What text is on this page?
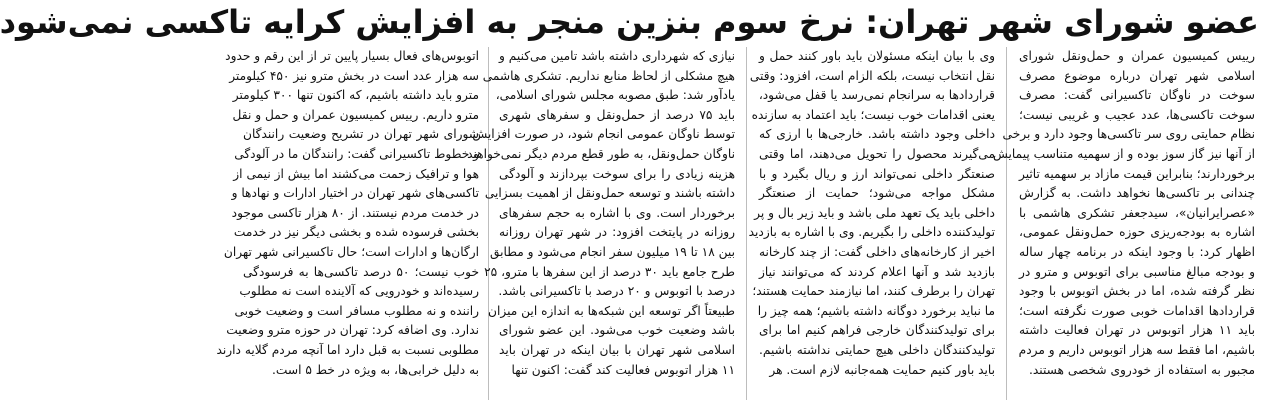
عضو شورای شهر تهران: نرخ سوم بنزین منجر به افزایش کرایه تاکسی نمی‌شود
رییس کمیسیون عمران و حمل‌ونقل شورای
اسلامی شهر تهران درباره موضوع مصرف
سوخت در ناوگان تاکسیرانی گفت: مصرف
سوخت تاکسی‌ها، عدد عجیب و غریبی نیست؛
نظام حمایتی روی سر تاکسی‌ها وجود دارد و برخی
از آنها نیز گاز سوز بوده و از سهمیه متناسب پیمایش
برخوردارند؛ بنابراین قیمت مازاد بر سهمیه تاثیر
چندانی بر تاکسی‌ها نخواهد داشت. به گزارش
«عصرایرانیان»، سیدجعفر تشکری هاشمی با
اشاره به بودجه‌ریزی حوزه حمل‌ونقل عمومی،
اظهار کرد: با وجود اینکه در برنامه چهار ساله
و بودجه مبالغ مناسبی برای اتوبوس و مترو در
نظر گرفته شده، اما در بخش اتوبوس با وجود
قراردادها اقدامات خوبی صورت نگرفته است؛
باید ۱۱ هزار اتوبوس در تهران فعالیت داشته
باشیم، اما فقط سه هزار اتوبوس داریم و مردم
مجبور به استفاده از خودروی شخصی هستند.
وی با بیان اینکه مسئولان باید باور کنند حمل و
نقل انتخاب نیست، بلکه الزام است، افزود: وقتی
قراردادها به سرانجام نمی‌رسد یا قفل می‌شود،
یعنی اقدامات خوب نیست؛ باید اعتماد به سازنده
داخلی وجود داشته باشد. خارجی‌ها با ارزی که
می‌گیرند محصول را تحویل می‌دهند، اما وقتی
صنعتگر داخلی نمی‌تواند ارز و ریال بگیرد و با
مشکل مواجه می‌شود؛ حمایت از صنعتگر
داخلی باید یک تعهد ملی باشد و باید زیر بال و پر
تولیدکننده داخلی را بگیریم. وی با اشاره به بازدید
اخیر از کارخانه‌های داخلی گفت: از چند کارخانه
بازدید شد و آنها اعلام کردند که می‌توانند نیاز
تهران را برطرف کنند، اما نیازمند حمایت هستند؛
ما نباید برخورد دوگانه داشته باشیم؛ همه چیز را
برای تولیدکنندگان خارجی فراهم کنیم اما برای
تولیدکنندگان داخلی هیچ حمایتی نداشته باشیم.
باید باور کنیم حمایت همه‌جانبه لازم است. هر
نیازی که شهرداری داشته باشد تامین می‌کنیم و
هیچ مشکلی از لحاظ منابع نداریم. تشکری هاشمی
یادآور شد: طبق مصوبه مجلس شورای اسلامی،
باید ۷۵ درصد از حمل‌ونقل و سفرهای شهری
توسط ناوگان عمومی انجام شود، در صورت افزایش
ناوگان حمل‌ونقل، به طور قطع مردم دیگر نمی‌خواهند
هزینه زیادی را برای سوخت بپردازند و آلودگی
داشته باشند و توسعه حمل‌ونقل از اهمیت بسزایی
برخوردار است. وی با اشاره به حجم سفرهای
روزانه در پایتخت افزود: در شهر تهران روزانه
بین ۱۸ تا ۱۹ میلیون سفر انجام می‌شود و مطابق
طرح جامع باید ۳۰ درصد از این سفرها با مترو، ۲۵
درصد با اتوبوس و ۲۰ درصد با تاکسیرانی باشد.
طبیعتاً اگر توسعه این شبکه‌ها به اندازه این میزان
باشد وضعیت خوب می‌شود. این عضو شورای
اسلامی شهر تهران با بیان اینکه در تهران باید
۱۱ هزار اتوبوس فعالیت کند گفت: اکنون تنها
اتوبوس‌های فعال بسیار پایین تر از این رقم و حدود
سه هزار عدد است در بخش مترو نیز ۴۵۰ کیلومتر
مترو باید داشته باشیم، که اکنون تنها ۳۰۰ کیلومتر
مترو داریم. رییس کمیسیون عمران و حمل و نقل
شورای شهر تهران در تشریح وضعیت رانندگان
و خطوط تاکسیرانی گفت: رانندگان ما در آلودگی
هوا و ترافیک زحمت می‌کشند اما بیش از نیمی از
تاکسی‌های شهر تهران در اختیار ادارات و نهادها و
در خدمت مردم نیستند. از ۸۰ هزار تاکسی موجود
بخشی فرسوده شده و بخشی دیگر نیز در خدمت
ارگان‌ها و ادارات است؛ حال تاکسیرانی شهر تهران
خوب نیست؛ ۵۰ درصد تاکسی‌ها به فرسودگی
رسیده‌اند و خودرویی که آلاینده است نه مطلوب
راننده و نه مطلوب مسافر است و وضعیت خوبی
ندارد. وی اضافه کرد: تهران در حوزه مترو وضعیت
مطلوبی نسبت به قبل دارد اما آنچه مردم گلایه دارند
به دلیل خرابی‌ها، به ویژه در خط ۵ است.
